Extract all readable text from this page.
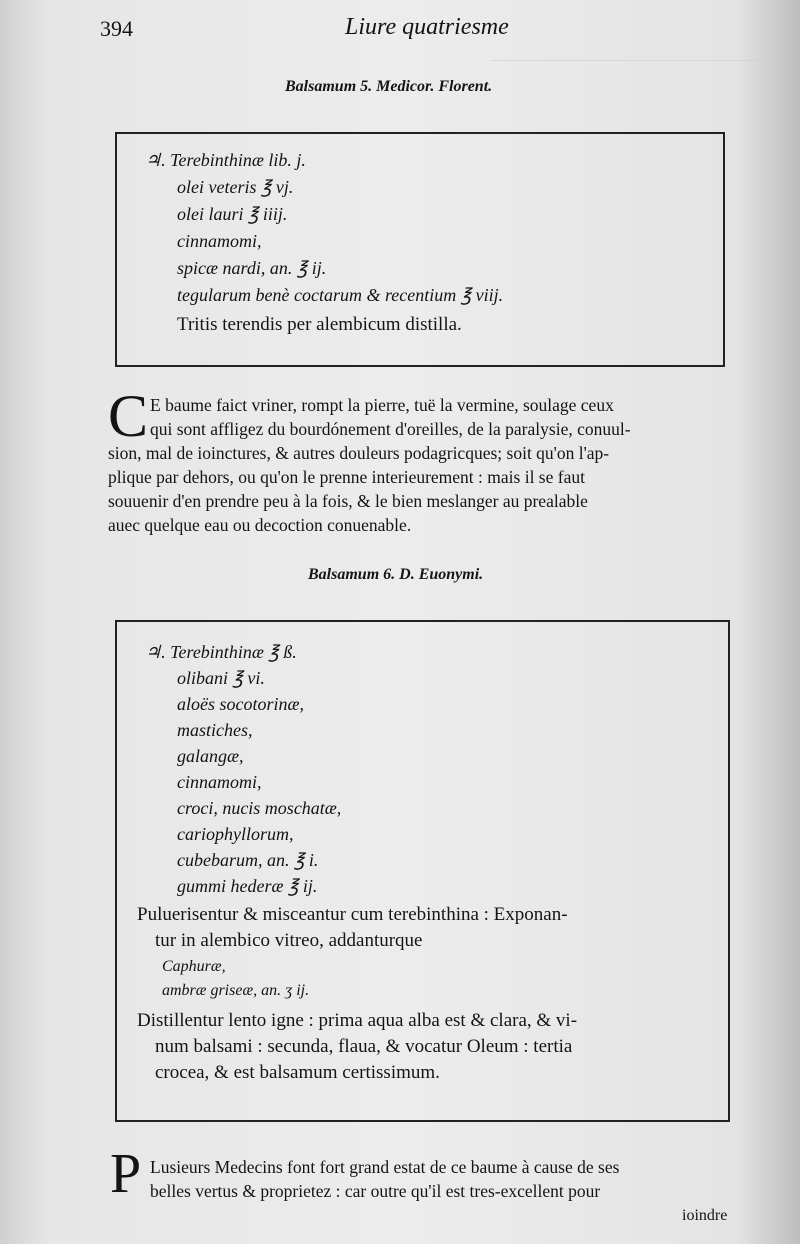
394	Liure quatriesme
Balsamum 5. Medicor. Florent.
♃. Terebinthinæ lib. j.
olei veteris ℥ vj.
olei lauri ℥ iiij.
cinnamomi,
spicæ nardi, an. ℥ ij.
tegularum benè coctarum & recentium ℥ viij.
Tritis terendis per alembicum distilla.
C E baume faict vriner, rompt la pierre, tuë la vermine, soulage ceux
qui sont affligez du bourdónement d'oreilles, de la paralysie, conuul-
sion, mal de ioinctures, & autres douleurs podagricques; soit qu'on l'ap-
plique par dehors, ou qu'on le prenne interieurement : mais il se faut
souuenir d'en prendre peu à la fois, & le bien meslanger au prealable
auec quelque eau ou decoction conuenable.
Balsamum 6. D. Euonymi.
♃. Terebinthinæ ℥ ß.
olibani ℥ vi.
aloës socotorinæ,
mastiches,
galangæ,
cinnamomi,
croci, nucis moschatæ,
cariophyllorum,
cubebarum, an. ℥ i.
gummi hederæ ℥ ij.
Puluerisentur & misceantur cum terebinthina : Exponan-
tur in alembico vitreo, addanturque
Caphuræ,
ambræ griseæ, an. ʒ ij.
Distillentur lento igne : prima aqua alba est & clara, & vi-
num balsami : secunda, flaua, & vocatur Oleum : tertia
crocea, & est balsamum certissimum.
P Lusieurs Medecins font fort grand estat de ce baume à cause de ses
belles vertus & proprietez : car outre qu'il est tres-excellent pour
ioindre
